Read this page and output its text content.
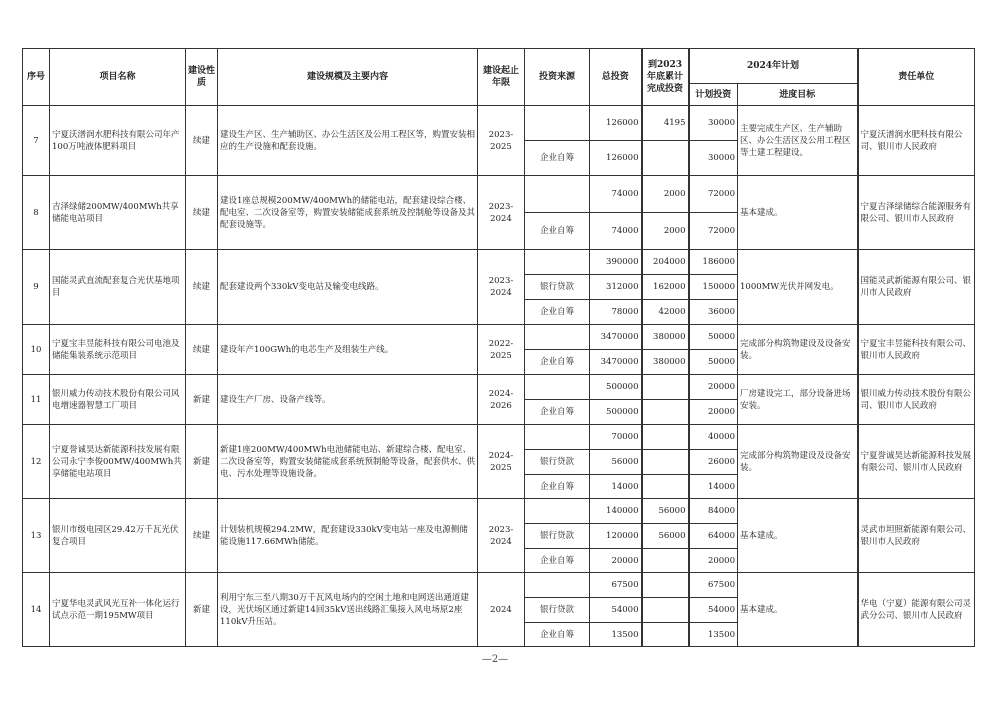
序号	项目名称	建设性质	建设规模及主要内容	建设起止年限	投资来源	总投资	到2023年底累计完成投资	2024年计划		责任单位
								计划投资	进度目标	
7	宁夏沃潽润水肥科技有限公司年产100万吨液体肥料项目	续建	建设生产区、生产辅助区、办公生活区及公用工程区等，购置安装相应的生产设施和配套设施。	2023-2025		126000	4195	30000	主要完成生产区、生产辅助区、办公生活区及公用工程区等土建工程建设。	宁夏沃潽润水肥科技有限公司、银川市人民政府
					企业自筹	126000		30000		
8	吉泽绿储200MW/400MWh共享储能电站项目	续建	建设1座总规模200MW/400MWh的储能电站，配套建设综合楼、配电室、二次设备室等，购置安装储能成套系统及控制舱等设备及其配套设施等。	2023-2024		74000	2000	72000	基本建成。	宁夏吉泽绿储综合能源服务有限公司、银川市人民政府
					企业自筹	74000	2000	72000		
9	国能灵武直流配套复合光伏基地项目	续建	配套建设两个330kV变电站及输变电线路。	2023-2024		390000	204000	186000	1000MW光伏并网发电。	国能灵武新能源有限公司、银川市人民政府
					银行贷款	312000	162000	150000		
					企业自筹	78000	42000	36000		
10	宁夏宝丰昱能科技有限公司电池及储能集装系统示范项目	续建	建设年产100GWh的电芯生产及组装生产线。	2022-2025		3470000	380000	50000	完成部分构筑物建设及设备安装。	宁夏宝丰昱能科技有限公司、银川市人民政府
					企业自筹	3470000	380000	50000		
11	银川威力传动技术股份有限公司风电增速器智慧工厂项目	新建	建设生产厂房、设备产线等。	2024-2026		500000		20000	厂房建设完工，部分设备进场安装。	银川威力传动技术股份有限公司、银川市人民政府
					企业自筹	500000		20000		
12	宁夏誉诚昊达新能源科技发展有限公司永宁李俊00MW/400MWh共享储能电站项目	新建	新建1座200MW/400MWh电池储能电站、新建综合楼、配电室、二次设备室等，购置安装储能成套系统预制舱等设备，配套供水、供电、污水处理等设施设备。	2024-2025		70000		40000	完成部分构筑物建设及设备安装。	宁夏誉诚昊达新能源科技发展有限公司、银川市人民政府
					银行贷款	56000		26000		
					企业自筹	14000		14000		
13	银川市级电园区29.42万千瓦光伏复合项目	续建	计划装机规模294.2MW，配套建设330kV变电站一座及电源侧储能设施117.66MWh储能。	2023-2024		140000	56000	84000	基本建成。	灵武市坦照新能源有限公司、银川市人民政府
					银行贷款	120000	56000	64000		
					企业自筹	20000		20000		
14	宁夏华电灵武风光互补一体化运行试点示范一期195MW项目	新建	利用宁东三至八期30万千瓦风电场内的空闲土地和电网送出通道建设，光伏场区通过新建14回35kV送出线路汇集接入风电场原2座110kV升压站。	2024		67500		67500	基本建成。	华电（宁夏）能源有限公司灵武分公司、银川市人民政府
					银行贷款	54000		54000		
					企业自筹	13500		13500		
—2—
